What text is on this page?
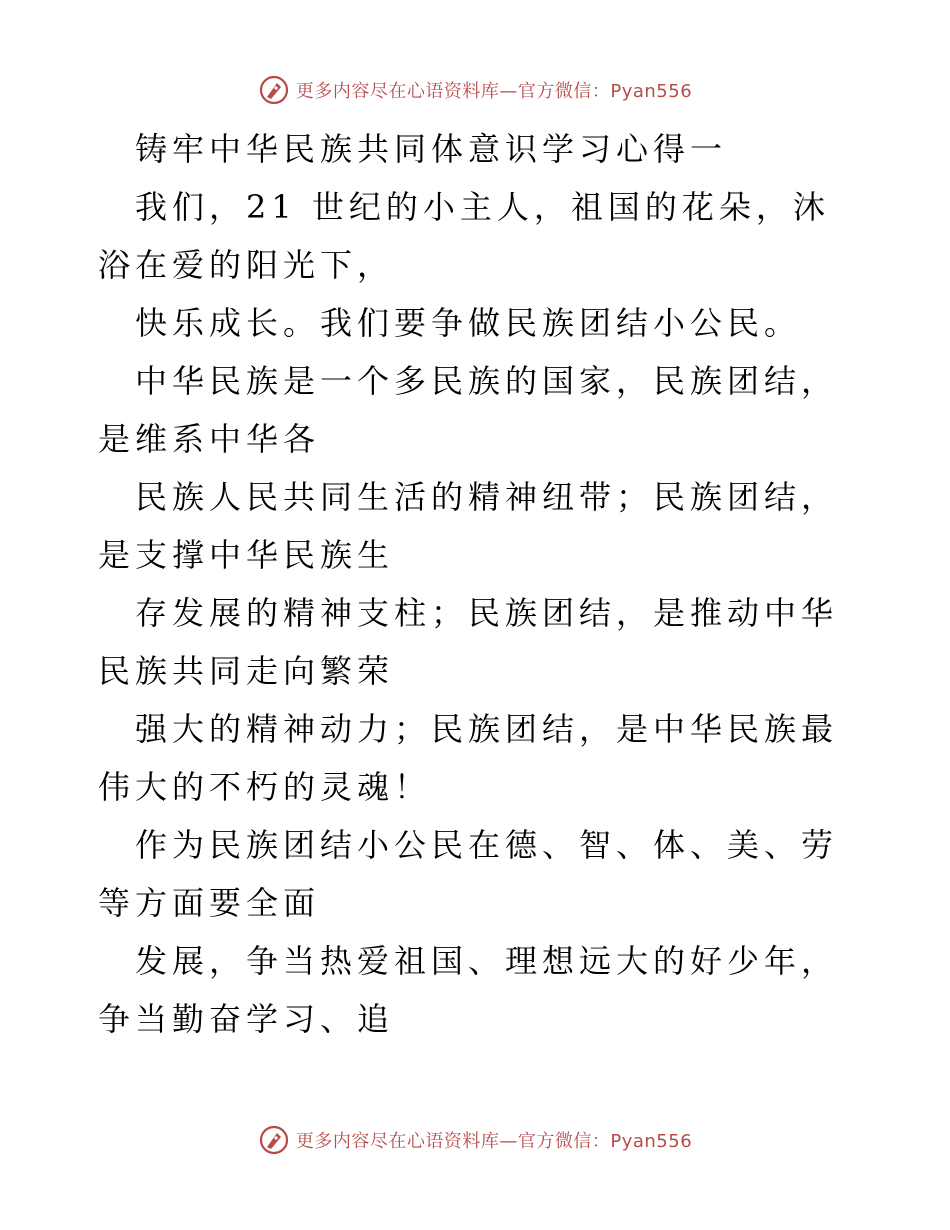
更多内容尽在心语资料库—官方微信：Pyan556

铸牢中华民族共同体意识学习心得一

我们，21 世纪的小主人，祖国的花朵，沐浴在爱的阳光下，

快乐成长。我们要争做民族团结小公民。

中华民族是一个多民族的国家，民族团结，是维系中华各

民族人民共同生活的精神纽带；民族团结，是支撑中华民族生

存发展的精神支柱；民族团结，是推动中华民族共同走向繁荣

强大的精神动力；民族团结，是中华民族最伟大的不朽的灵魂！

作为民族团结小公民在德、智、体、美、劳等方面要全面

发展，争当热爱祖国、理想远大的好少年，争当勤奋学习、追

更多内容尽在心语资料库—官方微信：Pyan556
